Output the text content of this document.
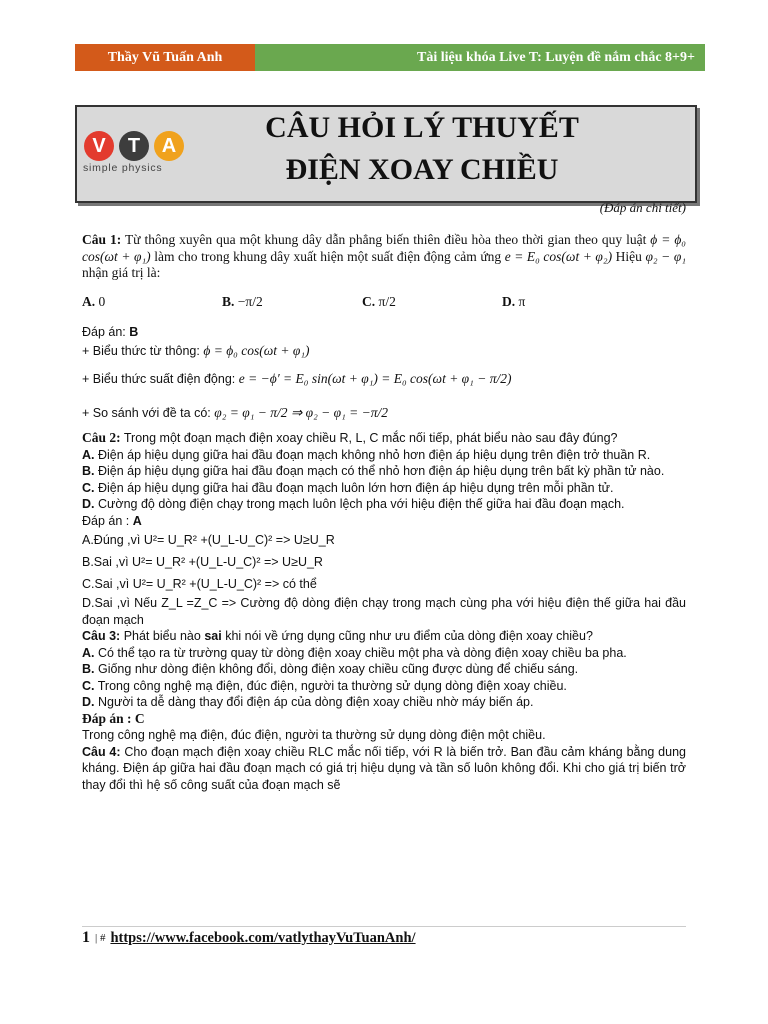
Thầy Vũ Tuấn Anh	Tài liệu khóa Live T: Luyện đề nắm chắc 8+9+
V	T	A
simple physics
CÂU HỎI LÝ THUYẾT
ĐIỆN XOAY CHIỀU
(Đáp án chi tiết)

Câu 1: Từ thông xuyên qua một khung dây dẫn phẳng biến thiên điều hòa theo thời gian theo quy luật ϕ = ϕ₀ cos(ωt + φ₁) làm cho trong khung dây xuất hiện một suất điện động cảm ứng e = E₀ cos(ωt + φ₂) Hiệu φ₂ − φ₁ nhận giá trị là:

A.
0	B.
−π/2	C.
π/2	D.
π

Đáp án: B

+ Biểu thức từ thông:
ϕ = ϕ₀ cos(ωt + φ₁)
+ Biểu thức suất điện động:
e = −ϕ′ = E₀ sin(ωt + φ₁) = E₀ cos(ωt + φ₁ − π/2)
+ So sánh với đề ta có:
φ₂ = φ₁ − π/2 ⇒ φ₂ − φ₁ = −π/2

Câu 2: Trong một đoạn mạch điện xoay chiều R, L, C mắc nối tiếp, phát biểu nào sau đây đúng?

A. Điện áp hiệu dụng giữa hai đầu đoạn mạch không nhỏ hơn điện áp hiệu dụng trên điện trở thuần R.

B. Điện áp hiệu dụng giữa hai đầu đoạn mạch có thể nhỏ hơn điện áp hiệu dụng trên bất kỳ phần tử nào.

C. Điện áp hiệu dụng giữa hai đầu đoạn mạch luôn lớn hơn điện áp hiệu dụng trên mỗi phần tử.

D. Cường độ dòng điện chạy trong mạch luôn lệch pha với hiệu điện thế giữa hai đầu đoạn mạch.

Đáp án : A

A.Đúng ,vì U²= U_R² +(U_L-U_C)² => U≥U_R
B.Sai ,vì U²= U_R² +(U_L-U_C)² => U≥U_R
C.Sai ,vì U²= U_R² +(U_L-U_C)² => có thể

D.Sai ,vì Nếu Z_L =Z_C => Cường độ dòng điện chạy trong mạch cùng pha với hiệu điện thế giữa hai đầu đoạn mạch

Câu 3: Phát biểu nào sai khi nói về ứng dụng cũng như ưu điểm của dòng điện xoay chiều?

A. Có thể tạo ra từ trường quay từ dòng điện xoay chiều một pha và dòng điện xoay chiều ba pha.

B. Giống như dòng điện không đổi, dòng điện xoay chiều cũng được dùng để chiếu sáng.

C. Trong công nghệ mạ điện, đúc điện, người ta thường sử dụng dòng điện xoay chiều.

D. Người ta dễ dàng thay đổi điện áp của dòng điện xoay chiều nhờ máy biến áp.

Đáp án : C

Trong công nghệ mạ điện, đúc điện, người ta thường sử dụng dòng điện một chiều.

Câu 4: Cho đoạn mạch điện xoay chiều RLC mắc nối tiếp, với R là biến trở. Ban đầu cảm kháng bằng dung kháng. Điện áp giữa hai đầu đoạn mạch có giá trị hiệu dụng và tần số luôn không đổi. Khi cho giá trị biến trở thay đổi thì hệ số công suất của đoạn mạch sẽ

1 | # https://www.facebook.com/vatlythayVuTuanAnh/
